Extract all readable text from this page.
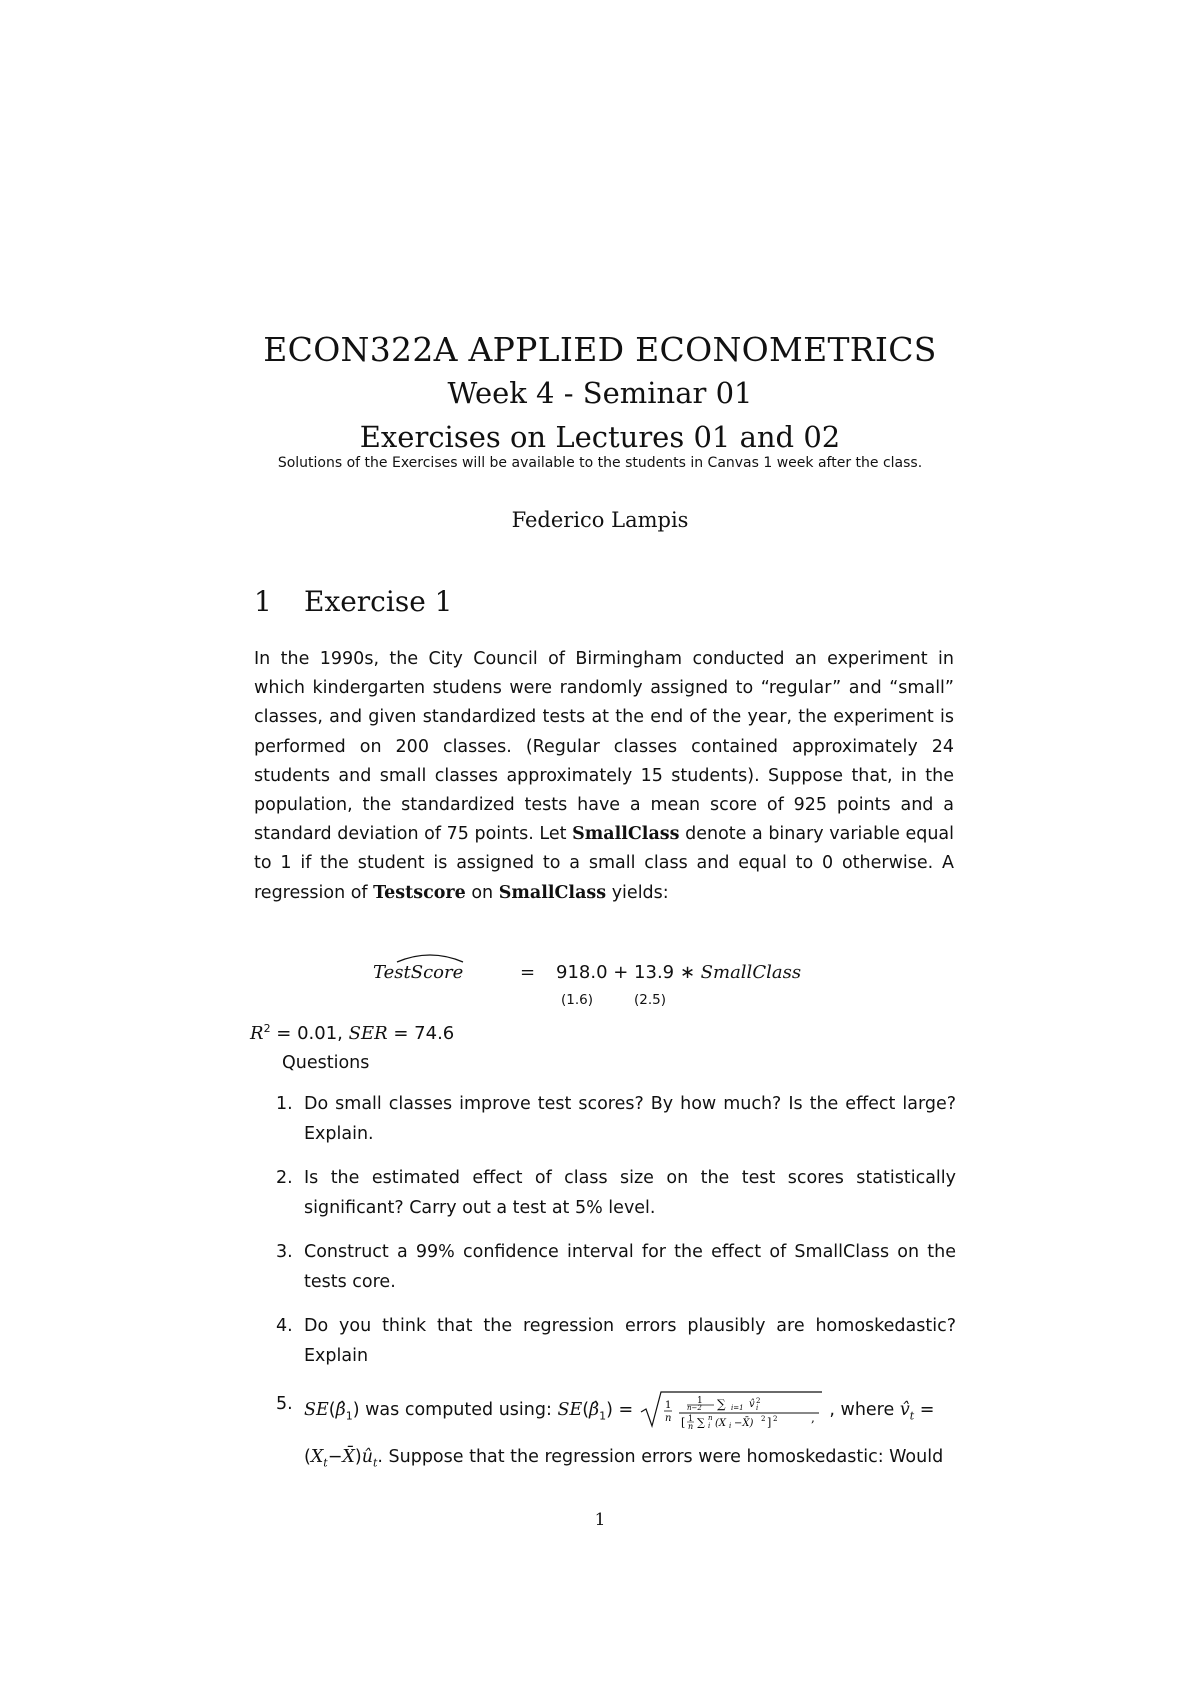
ECON322A APPLIED ECONOMETRICS
Week 4 - Seminar 01
Exercises on Lectures 01 and 02
Solutions of the Exercises will be available to the students in Canvas 1 week after the class.
Federico Lampis
1 Exercise 1
In the 1990s, the City Council of Birmingham conducted an experiment in which kindergarten studens were randomly assigned to “regular” and “small” classes, and given standardized tests at the end of the year, the experiment is performed on 200 classes. (Regular classes contained approximately 24 students and small classes approximately 15 students). Suppose that, in the population, the standardized tests have a mean score of 925 points and a standard deviation of 75 points. Let SmallClass denote a binary variable equal to 1 if the student is assigned to a small class and equal to 0 otherwise. A regression of Testscore on SmallClass yields:
TestScore	= 918.0 + 13.9 ∗ SmallClass
(1.6)	(2.5)
$R^2 = 0.01$, SER = 74.6
Questions
1. Do small classes improve test scores? By how much? Is the effect large? Explain.
2. Is the estimated effect of class size on the test scores statistically significant? Carry out a test at 5% level.
3. Construct a 99% confidence interval for the effect of SmallClass on the tests core.
4. Do you think that the regression errors plausibly are homoskedastic? Explain
5. $SE(\betâ_1)$ was computed using: $SE(\betâ_1)$ =	1
n
1
n−2 ∑ i=1 v̂ 2
i
[ 1
n ∑ n
i (X i −X̄) 2 ] 2	, , where $v̂_t$ =
$(X_t-X̄)û_t$. Suppose that the regression errors were homoskedastic: Would
1
